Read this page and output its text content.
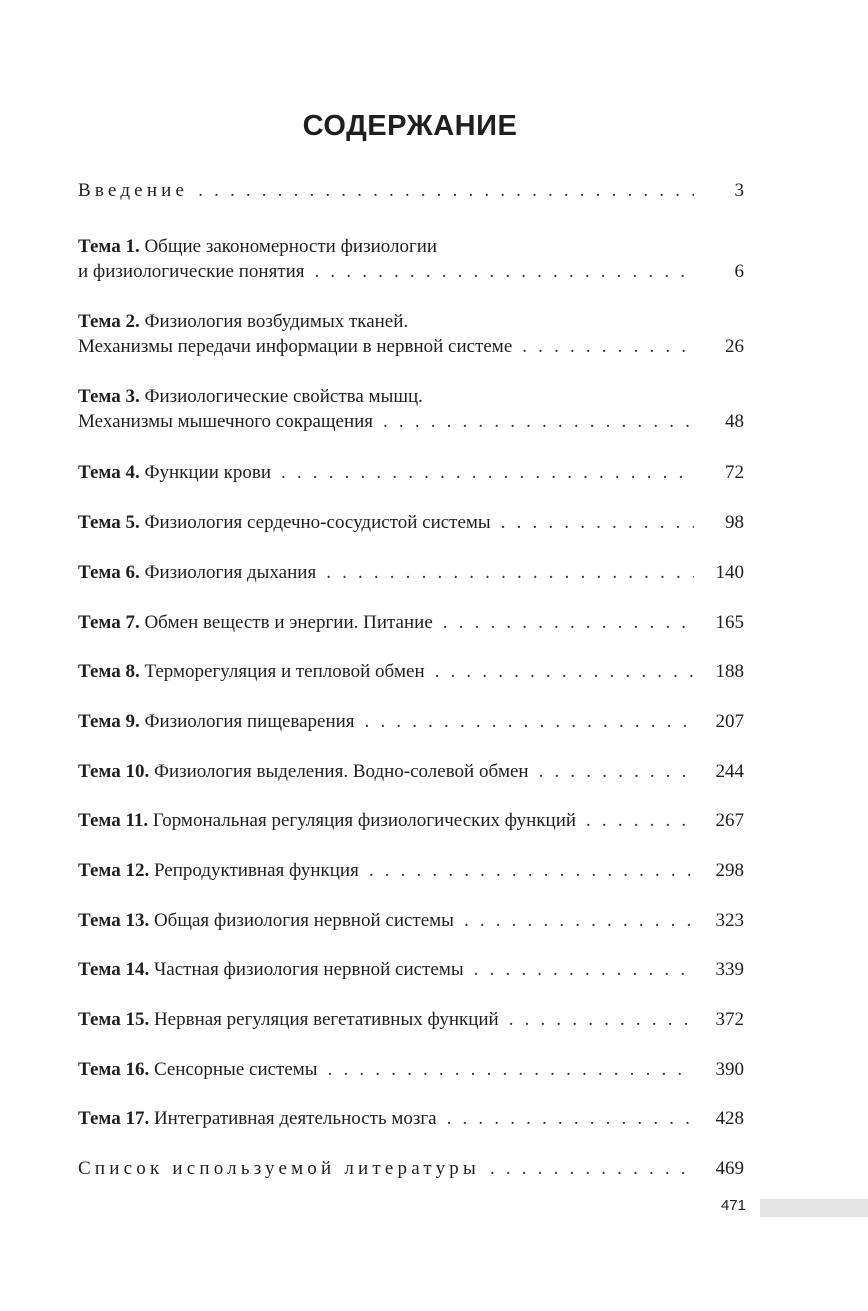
СОДЕРЖАНИЕ
Введение . . .	3
Тема 1. Общие закономерности физиологии
и физиологические понятия . . .	6
Тема 2. Физиология возбудимых тканей.
Механизмы передачи информации в нервной системе . . .	26
Тема 3. Физиологические свойства мышц.
Механизмы мышечного сокращения . . .	48
Тема 4. Функции крови . . .	72
Тема 5. Физиология сердечно-сосудистой системы . . .	98
Тема 6. Физиология дыхания . . .	140
Тема 7. Обмен веществ и энергии. Питание . . .	165
Тема 8. Терморегуляция и тепловой обмен . . .	188
Тема 9. Физиология пищеварения . . .	207
Тема 10. Физиология выделения. Водно-солевой обмен . . .	244
Тема 11. Гормональная регуляция физиологических функций . . .	267
Тема 12. Репродуктивная функция . . .	298
Тема 13. Общая физиология нервной системы . . .	323
Тема 14. Частная физиология нервной системы . . .	339
Тема 15. Нервная регуляция вегетативных функций . . .	372
Тема 16. Сенсорные системы . . .	390
Тема 17. Интегративная деятельность мозга . . .	428
Список используемой литературы . . .	469
471
